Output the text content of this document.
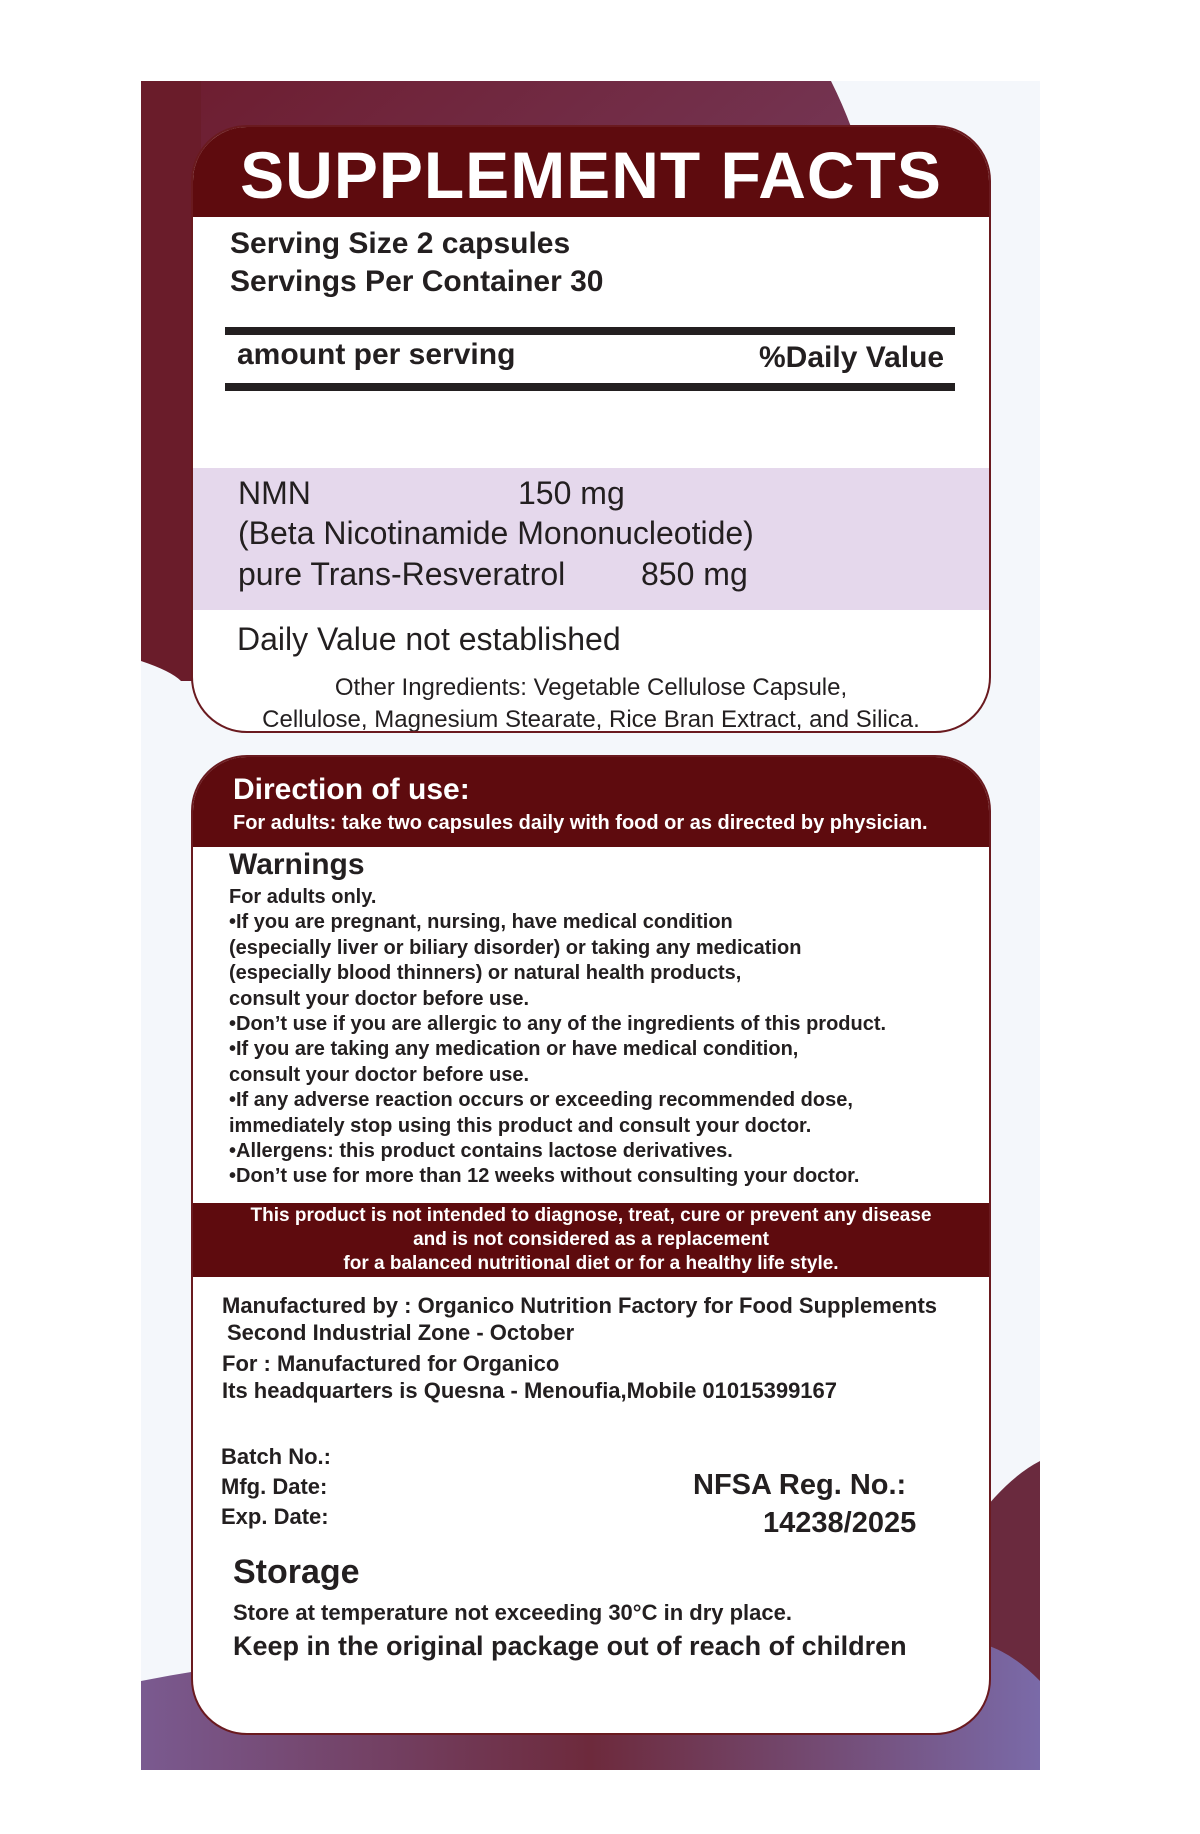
SUPPLEMENT FACTS
Serving Size 2 capsules
Servings Per Container 30
amount per serving	%Daily Value
NMN	150 mg
(Beta Nicotinamide Mononucleotide)
pure Trans-Resveratrol 850 mg
Daily Value not established
Other Ingredients: Vegetable Cellulose Capsule,
Cellulose, Magnesium Stearate, Rice Bran Extract, and Silica.
Direction of use:
For adults: take two capsules daily with food or as directed by physician.
Warnings
For adults only.
•If you are pregnant, nursing, have medical condition
(especially liver or biliary disorder) or taking any medication
(especially blood thinners) or natural health products,
consult your doctor before use.
•Don’t use if you are allergic to any of the ingredients of this product.
•If you are taking any medication or have medical condition,
consult your doctor before use.
•If any adverse reaction occurs or exceeding recommended dose,
immediately stop using this product and consult your doctor.
•Allergens: this product contains lactose derivatives.
•Don’t use for more than 12 weeks without consulting your doctor.
This product is not intended to diagnose, treat, cure or prevent any disease
and is not considered as a replacement
for a balanced nutritional diet or for a healthy life style.
Manufactured by : Organico Nutrition Factory for Food Supplements
Second Industrial Zone - October
For : Manufactured for Organico
Its headquarters is Quesna - Menoufia,Mobile 01015399167
Batch No.:
Mfg. Date:
Exp. Date:
NFSA Reg. No.:
14238/2025
Storage
Store at temperature not exceeding 30°C in dry place.
Keep in the original package out of reach of children
